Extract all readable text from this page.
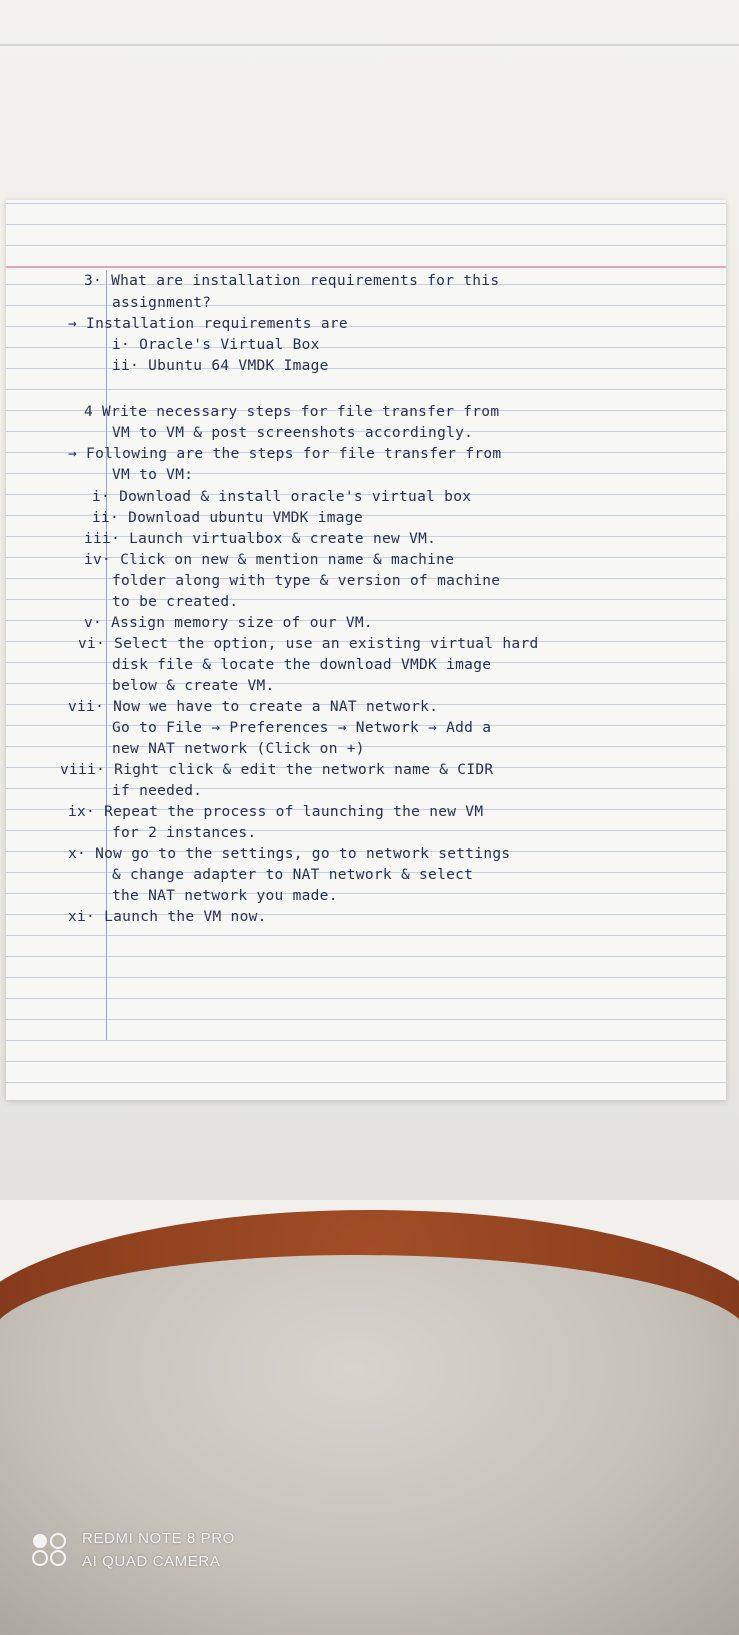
3· What are installation requirements for this
assignment?
→ Installation requirements are
i· Oracle's Virtual Box
ii· Ubuntu 64 VMDK Image
4 Write necessary steps for file transfer from
VM to VM & post screenshots accordingly.
→ Following are the steps for file transfer from
VM to VM:
i· Download & install oracle's virtual box
ii· Download ubuntu VMDK image
iii· Launch virtualbox & create new VM.
iv· Click on new & mention name & machine
folder along with type & version of machine
to be created.
v· Assign memory size of our VM.
vi· Select the option, use an existing virtual hard
disk file & locate the download VMDK image
below & create VM.
vii· Now we have to create a NAT network.
Go to File → Preferences → Network → Add a
new NAT network (Click on +)
viii· Right click & edit the network name & CIDR
if needed.
ix· Repeat the process of launching the new VM
for 2 instances.
x· Now go to the settings, go to network settings
& change adapter to NAT network & select
the NAT network you made.
xi· Launch the VM now.
REDMI NOTE 8 PRO
AI QUAD CAMERA
